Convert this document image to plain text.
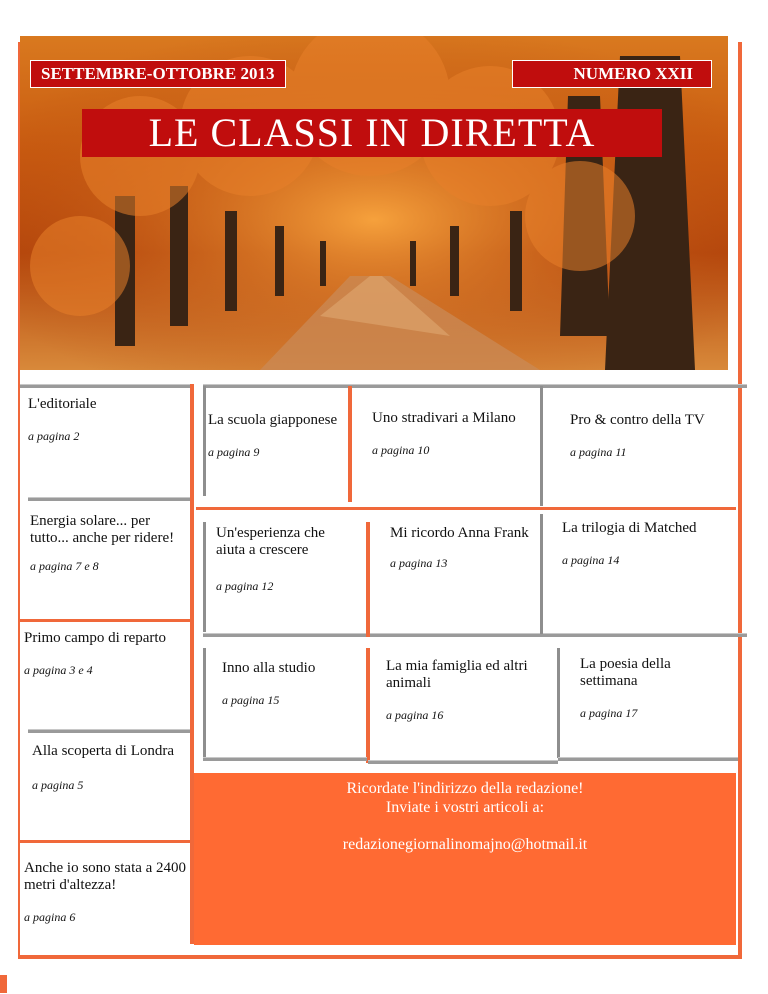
SETTEMBRE-OTTOBRE 2013	NUMERO XXII
LE CLASSI IN DIRETTA
L'editoriale
a pagina 2
Energia solare... per tutto... anche per ridere!
a pagina 7 e 8
Primo campo di reparto
a pagina 3 e 4
Alla scoperta di Londra
a pagina 5
Anche io sono stata a 2400 metri d'altezza!
a pagina 6
La scuola giapponese
a pagina 9
Uno stradivari a Milano
a pagina 10
Pro & contro della TV
a pagina 11
Un'esperienza che aiuta a crescere
a pagina 12
Mi ricordo Anna Frank
a pagina 13
La trilogia di Matched
a pagina 14
Inno alla studio
a pagina 15
La mia famiglia ed altri animali
a pagina 16
La poesia della settimana
a pagina 17
Ricordate l'indirizzo della redazione!
Inviate i vostri articoli a:
redazionegiornalinomajno@hotmail.it
